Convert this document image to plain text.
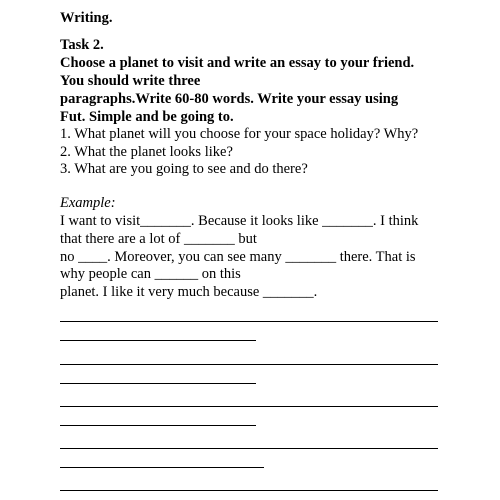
Writing.
Task 2.
Choose a planet to visit and write an essay to your friend.
You should write three
paragraphs.Write 60-80 words. Write your essay using
Fut. Simple and be going to.
1. What planet will you choose for your space holiday? Why?
2. What the planet looks like?
3. What are you going to see and do there?
Example:
I want to visit_______. Because it looks like _______. I think
that there are a lot of _______ but
no ____. Moreover, you can see many _______ there. That is
why people can ______ on this
planet. I like it very much because _______.
